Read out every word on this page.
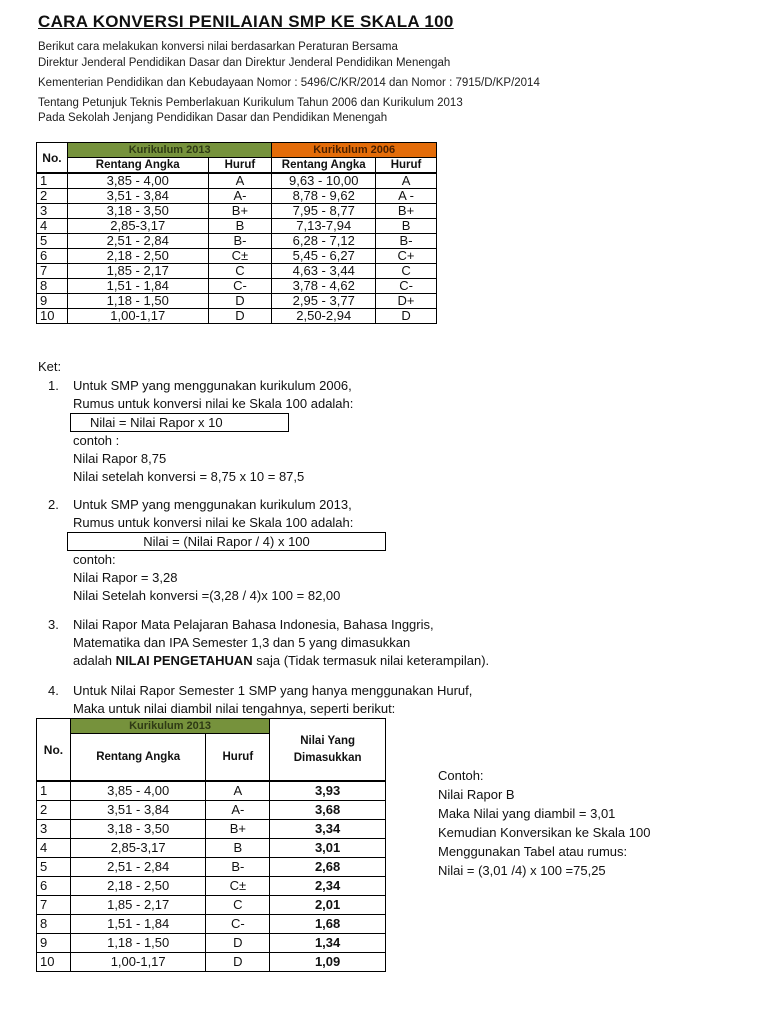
CARA KONVERSI PENILAIAN SMP KE SKALA 100
Berikut cara melakukan konversi nilai berdasarkan Peraturan Bersama
Direktur Jenderal Pendidikan Dasar dan Direktur Jenderal Pendidikan Menengah
Kementerian Pendidikan dan Kebudayaan Nomor : 5496/C/KR/2014 dan Nomor : 7915/D/KP/2014
Tentang Petunjuk Teknis Pemberlakuan Kurikulum Tahun 2006 dan Kurikulum 2013
Pada Sekolah Jenjang Pendidikan Dasar dan Pendidikan Menengah
No.	Kurikulum 2013		Kurikulum 2006	
	Rentang Angka	Huruf	Rentang Angka	Huruf
1	3,85 - 4,00	A	9,63 - 10,00	A
2	3,51 - 3,84	A-	8,78 - 9,62	A -
3	3,18 - 3,50	B+	7,95 - 8,77	B+
4	2,85-3,17	B	7,13-7,94	B
5	2,51 - 2,84	B-	6,28 - 7,12	B-
6	2,18 - 2,50	C±	5,45 - 6,27	C+
7	1,85 - 2,17	C	4,63 - 3,44	C
8	1,51 - 1,84	C-	3,78 - 4,62	C-
9	1,18 - 1,50	D	2,95 - 3,77	D+
10	1,00-1,17	D	2,50-2,94	D
Ket:
1. Untuk SMP yang menggunakan kurikulum 2006,
Rumus untuk konversi nilai ke Skala 100 adalah:
Nilai = Nilai Rapor x 10
contoh :
Nilai Rapor 8,75
Nilai setelah konversi = 8,75 x 10 = 87,5
2. Untuk SMP yang menggunakan kurikulum 2013,
Rumus untuk konversi nilai ke Skala 100 adalah:
Nilai = (Nilai Rapor / 4) x 100
contoh:
Nilai Rapor = 3,28
Nilai Setelah konversi =(3,28 / 4)x 100 = 82,00
3. Nilai Rapor Mata Pelajaran Bahasa Indonesia, Bahasa Inggris,
Matematika dan IPA Semester 1,3 dan 5 yang dimasukkan
adalah NILAI PENGETAHUAN saja (Tidak termasuk nilai keterampilan).
4. Untuk Nilai Rapor Semester 1 SMP yang hanya menggunakan Huruf,
Maka untuk nilai diambil nilai tengahnya, seperti berikut:
No.	Kurikulum 2013		Nilai Yang
Dimasukkan
	Rentang Angka	Huruf	
1	3,85 - 4,00	A	3,93
2	3,51 - 3,84	A-	3,68
3	3,18 - 3,50	B+	3,34
4	2,85-3,17	B	3,01
5	2,51 - 2,84	B-	2,68
6	2,18 - 2,50	C±	2,34
7	1,85 - 2,17	C	2,01
8	1,51 - 1,84	C-	1,68
9	1,18 - 1,50	D	1,34
10	1,00-1,17	D	1,09
Contoh:
Nilai Rapor B
Maka Nilai yang diambil = 3,01
Kemudian Konversikan ke Skala 100
Menggunakan Tabel atau rumus:
Nilai = (3,01 /4) x 100 =75,25
